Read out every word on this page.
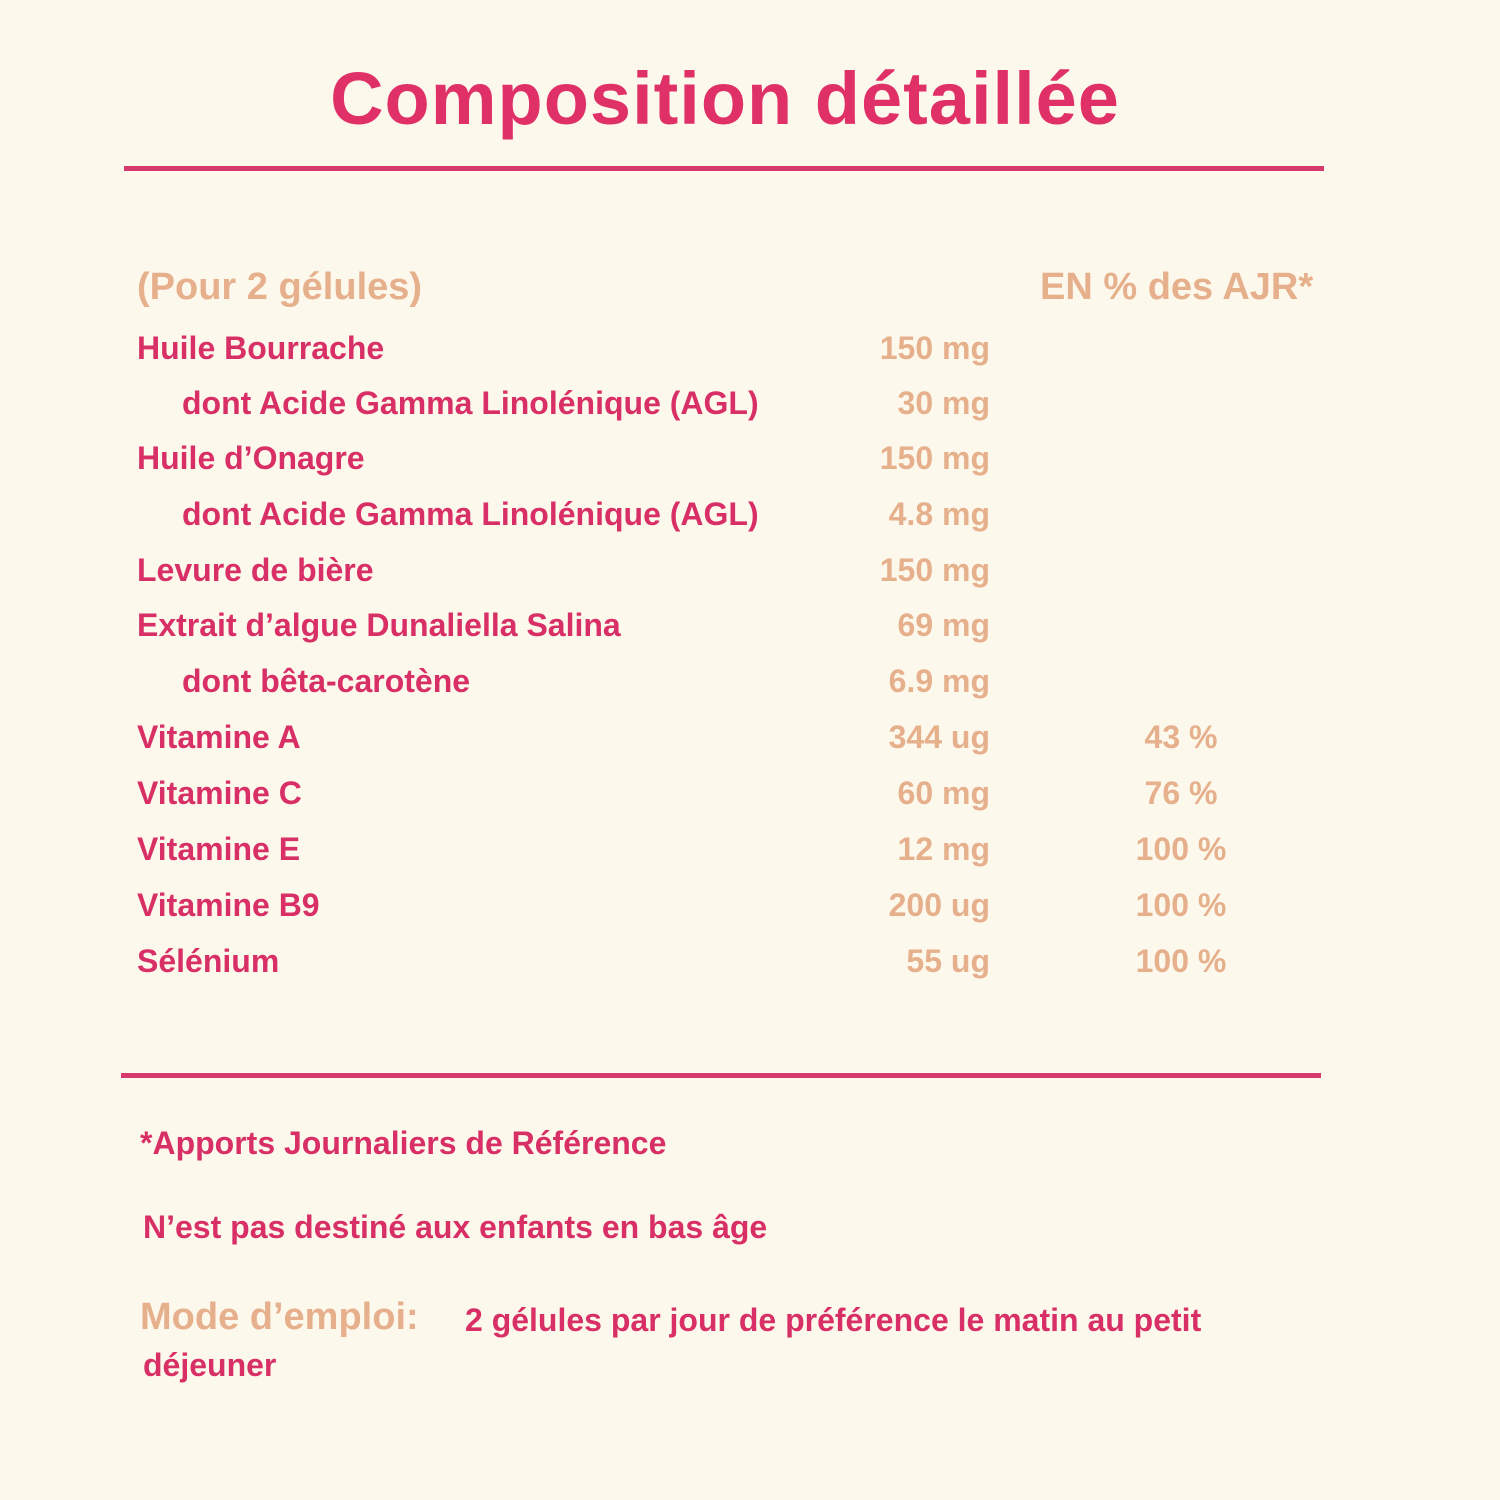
Composition détaillée
(Pour 2 gélules)	EN % des AJR*
Huile Bourrache	150 mg
dont Acide Gamma Linolénique (AGL)	30 mg
Huile d’Onagre	150 mg
dont Acide Gamma Linolénique (AGL)	4.8 mg
Levure de bière	150 mg
Extrait d’algue Dunaliella Salina	69 mg
dont bêta-carotène	6.9 mg
Vitamine A	344 ug	43 %
Vitamine C	60 mg	76 %
Vitamine E	12 mg	100 %
Vitamine B9	200 ug	100 %
Sélénium	55 ug	100 %
*Apports Journaliers de Référence
N’est pas destiné aux enfants en bas âge
Mode d’emploi:	2 gélules par jour de préférence le matin au petit déjeuner
